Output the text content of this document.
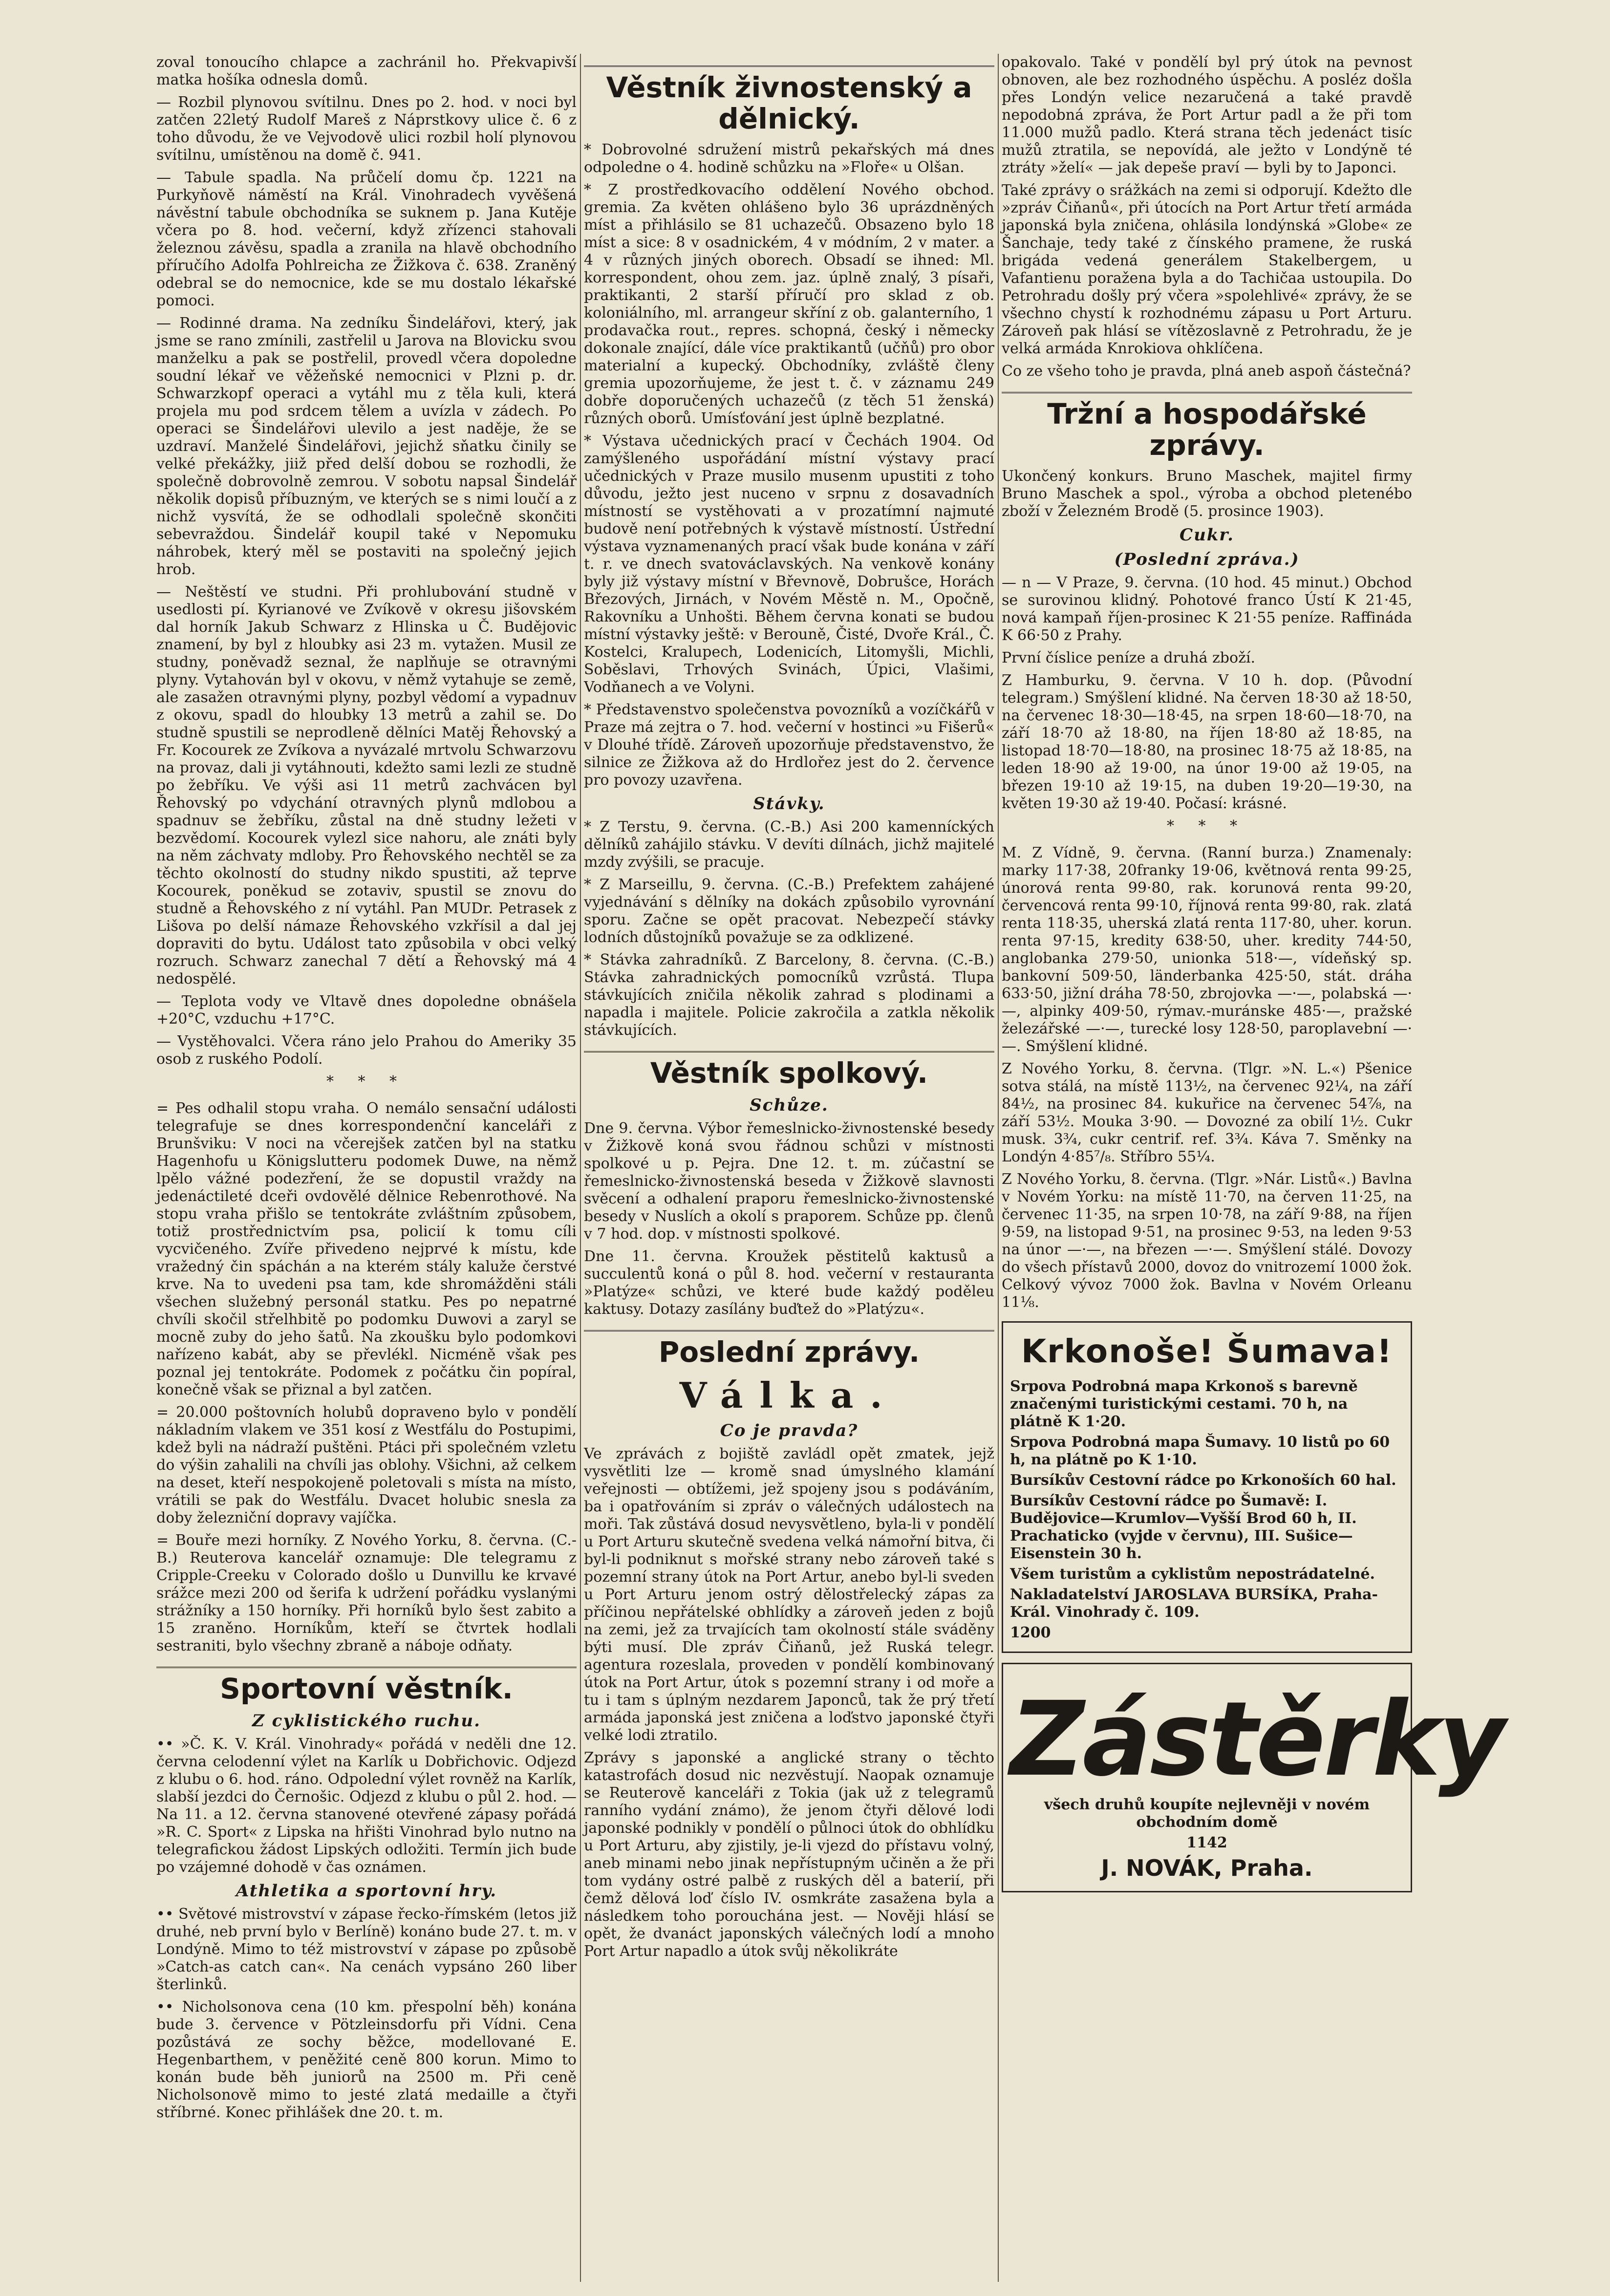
zoval tonoucího chlapce a zachránil ho. Překvapivší matka hošíka odnesla domů.
— Rozbil plynovou svítilnu. Dnes po 2. hod. v noci byl zatčen 22letý Rudolf Mareš z Náprstkovy ulice č. 6 z toho důvodu, že ve Vejvodově ulici rozbil holí plynovou svítilnu, umístěnou na domě č. 941.
— Tabule spadla. Na průčelí domu čp. 1221 na Purkyňově náměstí na Král. Vinohradech vyvěšená návěstní tabule obchodníka se suknem p. Jana Kutěje včera po 8. hod. večerní, když zřízenci stahovali železnou závěsu, spadla a zranila na hlavě obchodního příručího Adolfa Pohlreicha ze Žižkova č. 638. Zraněný odebral se do nemocnice, kde se mu dostalo lékařské pomoci.
— Rodinné drama. Na zedníku Šindelářovi, který, jak jsme se rano zmínili, zastřelil u Jarova na Blovicku svou manželku a pak se postřelil, provedl včera dopoledne soudní lékař ve věžeňské nemocnici v Plzni p. dr. Schwarzkopf operaci a vytáhl mu z těla kuli, která projela mu pod srdcem tělem a uvízla v zádech. Po operaci se Šindelářovi ulevilo a jest naděje, že se uzdraví. Manželé Šindelářovi, jejichž sňatku činily se velké překážky, jiiž před delší dobou se rozhodli, že společně dobrovolně zemrou. V sobotu napsal Šindelář několik dopisů příbuzným, ve kterých se s nimi loučí a z nichž vysvítá, že se odhodlali společně skončiti sebevraždou. Šindelář koupil také v Nepomuku náhrobek, který měl se postaviti na společný jejich hrob.
— Neštěstí ve studni. Při prohlubování studně v usedlosti pí. Kyrianové ve Zvíkově v okresu jišovském dal horník Jakub Schwarz z Hlinska u Č. Budějovic znamení, by byl z hloubky asi 23 m. vytažen. Musil ze studny, poněvadž seznal, že naplňuje se otravnými plyny. Vytahován byl v okovu, v němž vytahuje se země, ale zasažen otravnými plyny, pozbyl vědomí a vypadnuv z okovu, spadl do hloubky 13 metrů a zahil se. Do studně spustili se neprodleně dělníci Matěj Řehovský a Fr. Kocourek ze Zvíkova a nyvázalé mrtvolu Schwarzovu na provaz, dali ji vytáhnouti, kdežto sami lezli ze studně po žebříku. Ve výši asi 11 metrů zachvácen byl Řehovský po vdychání otravných plynů mdlobou a spadnuv se žebříku, zůstal na dně studny ležeti v bezvědomí. Kocourek vylezl sice nahoru, ale znáti byly na něm záchvaty mdloby. Pro Řehovského nechtěl se za těchto okolností do studny nikdo spustiti, až teprve Kocourek, poněkud se zotaviv, spustil se znovu do studně a Řehovského z ní vytáhl. Pan MUDr. Petrasek z Lišova po delší námaze Řehovského vzkřísil a dal jej dopraviti do bytu. Událost tato způsobila v obci velký rozruch. Schwarz zanechal 7 dětí a Řehovský má 4 nedospělé.
— Teplota vody ve Vltavě dnes dopoledne obnášela +20°C, vzduchu +17°C.
— Vystěhovalci. Včera ráno jelo Prahou do Ameriky 35 osob z ruského Podolí.
* * *
= Pes odhalil stopu vraha. O nemálo sensační události telegrafuje se dnes korrespondenční kanceláři z Brunšviku: V noci na včerejšek zatčen byl na statku Hagenhofu u Königslutteru podomek Duwe, na němž lpělo vážné podezření, že se dopustil vraždy na jedenáctileté dceři ovdovělé dělnice Rebenrothové. Na stopu vraha přišlo se tentokráte zvláštním způsobem, totiž prostřednictvím psa, policií k tomu cíli vycvičeného. Zvíře přivedeno nejprvé k místu, kde vražedný čin spáchán a na kterém stály kaluže čerstvé krve. Na to uvedeni psa tam, kde shromážděni stáli všechen služebný personál statku. Pes po nepatrné chvíli skočil střelhbitě po podomku Duwovi a zaryl se mocně zuby do jeho šatů. Na zkoušku bylo podomkovi nařízeno kabát, aby se převlékl. Nicméně však pes poznal jej tentokráte. Podomek z počátku čin popíral, konečně však se přiznal a byl zatčen.
= 20.000 poštovních holubů dopraveno bylo v pondělí nákladním vlakem ve 351 kosí z Westfálu do Postupimi, kdež byli na nádraží puštěni. Ptáci při společném vzletu do výšin zahalili na chvíli jas oblohy. Všichni, až celkem na deset, kteří nespokojeně poletovali s místa na místo, vrátili se pak do Westfálu. Dvacet holubic snesla za doby železniční dopravy vajíčka.
= Bouře mezi horníky. Z Nového Yorku, 8. června. (C.-B.) Reuterova kancelář oznamuje: Dle telegramu z Cripple-Creeku v Colorado došlo u Dunvillu ke krvavé srážce mezi 200 od šerifa k udržení pořádku vyslanými strážníky a 150 horníky. Při horníků bylo šest zabito a 15 zraněno. Horníkům, kteří se čtvrtek hodlali sestraniti, bylo všechny zbraně a náboje odňaty.
Sportovní věstník.
Z cyklistického ruchu.
•• »Č. K. V. Král. Vinohrady« pořádá v neděli dne 12. června celodenní výlet na Karlík u Dobřichovic. Odjezd z klubu o 6. hod. ráno. Odpolední výlet rovněž na Karlík, slabší jezdci do Černošic. Odjezd z klubu o půl 2. hod. — Na 11. a 12. června stanovené otevřené zápasy pořádá »R. C. Sport« z Lipska na hřišti Vinohrad bylo nutno na telegrafickou žádost Lipských odložiti. Termín jich bude po vzájemné dohodě v čas oznámen.
Athletika a sportovní hry.
•• Světové mistrovství v zápase řecko-římském (letos již druhé, neb první bylo v Berlíně) konáno bude 27. t. m. v Londýně. Mimo to též mistrovství v zápase po způsobě »Catch-as catch can«. Na cenách vypsáno 260 liber šterlinků.
•• Nicholsonova cena (10 km. přespolní běh) konána bude 3. července v Pötzleinsdorfu při Vídni. Cena pozůstává ze sochy běžce, modellované E. Hegenbarthem, v peněžité ceně 800 korun. Mimo to konán bude běh juniorů na 2500 m. Při ceně Nicholsonově mimo to jesté zlatá medaille a čtyři stříbrné. Konec přihlášek dne 20. t. m.
Věstník živnostenský a dělnický.
* Dobrovolné sdružení mistrů pekařských má dnes odpoledne o 4. hodině schůzku na »Floře« u Olšan.
* Z prostředkovacího oddělení Nového obchod. gremia. Za květen ohlášeno bylo 36 uprázdněných míst a přihlásilo se 81 uchazečů. Obsazeno bylo 18 míst a sice: 8 v osadnickém, 4 v módním, 2 v mater. a 4 v různých jiných oborech. Obsadí se ihned: Ml. korrespondent, ohou zem. jaz. úplně znalý, 3 písaři, praktikanti, 2 starší příručí pro sklad z ob. koloniálního, ml. arrangeur skříní z ob. galanterního, 1 prodavačka rout., repres. schopná, český i německy dokonale znající, dále více praktikantů (učňů) pro obor materialní a kupecký. Obchodníky, zvláště členy gremia upozorňujeme, že jest t. č. v záznamu 249 dobře doporučených uchazečů (z těch 51 ženská) různých oborů. Umísťování jest úplně bezplatné.
* Výstava učednických prací v Čechách 1904. Od zamýšleného uspořádání místní výstavy prací učednických v Praze musilo musenm upustiti z toho důvodu, ježto jest nuceno v srpnu z dosavadních místností se vystěhovati a v prozatímní najmuté budově není potřebných k výstavě místností. Ústřední výstava vyznamenaných prací však bude konána v září t. r. ve dnech svatováclavských. Na venkově konány byly již výstavy místní v Břevnově, Dobrušce, Horách Březových, Jirnách, v Novém Městě n. M., Opočně, Rakovníku a Unhošti. Během června konati se budou místní výstavky ještě: v Berouně, Čisté, Dvoře Král., Č. Kostelci, Kralupech, Lodenicích, Litomyšli, Michli, Soběslavi, Trhových Svinách, Úpici, Vlašimi, Vodňanech a ve Volyni.
* Představenstvo společenstva povozníků a vozíčkářů v Praze má zejtra o 7. hod. večerní v hostinci »u Fišerů« v Dlouhé třídě. Zároveň upozorňuje představenstvo, že silnice ze Žižkova až do Hrdlořez jest do 2. července pro povozy uzavřena.
Stávky.
* Z Terstu, 9. června. (C.-B.) Asi 200 kamenníckých dělníků zahájilo stávku. V devíti dílnách, jichž majitelé mzdy zvýšili, se pracuje.
* Z Marseillu, 9. června. (C.-B.) Prefektem zahájené vyjednávání s dělníky na dokách způsobilo vyrovnání sporu. Začne se opět pracovat. Nebezpečí stávky lodních důstojníků považuje se za odklizené.
* Stávka zahradníků. Z Barcelony, 8. června. (C.-B.) Stávka zahradnických pomocníků vzrůstá. Tlupa stávkujících zničila několik zahrad s plodinami a napadla i majitele. Policie zakročila a zatkla několik stávkujících.
Věstník spolkový.
Schůze.
Dne 9. června. Výbor řemeslnicko-živnostenské besedy v Žižkově koná svou řádnou schůzi v místnosti spolkové u p. Pejra. Dne 12. t. m. zúčastní se řemeslnicko-živnostenská beseda v Žižkově slavnosti svěcení a odhalení praporu řemeslnicko-živnostenské besedy v Nuslích a okolí s praporem. Schůze pp. členů v 7 hod. dop. v místnosti spolkové.
Dne 11. června. Kroužek pěstitelů kaktusů a succulentů koná o půl 8. hod. večerní v restauranta »Platýze« schůzi, ve které bude každý poděleu kaktusy. Dotazy zasílány buďtež do »Platýzu«.
Poslední zprávy.
Válka.
Co je pravda?
Ve zprávách z bojiště zavládl opět zmatek, jejž vysvětliti lze — kromě snad úmyslného klamání veřejnosti — obtížemi, jež spojeny jsou s podáváním, ba i opatřováním si zpráv o válečných událostech na moři. Tak zůstává dosud nevysvětleno, byla-li v pondělí u Port Arturu skutečně svedena velká námořní bitva, či byl-li podniknut s mořské strany nebo zároveň také s pozemní strany útok na Port Artur, anebo byl-li sveden u Port Arturu jenom ostrý dělostřelecký zápas za příčinou nepřátelské obhlídky a zároveň jeden z bojů na zemi, jež za trvajících tam okolností stále sváděny býti musí. Dle zpráv Čiňanů, jež Ruská telegr. agentura rozeslala, proveden v pondělí kombinovaný útok na Port Artur, útok s pozemní strany i od moře a tu i tam s úplným nezdarem Japonců, tak že prý třetí armáda japonská jest zničena a loďstvo japonské čtyři velké lodi ztratilo.
Zprávy s japonské a anglické strany o těchto katastrofách dosud nic nezvěstují. Naopak oznamuje se Reuterově kanceláři z Tokia (jak už z telegramů ranního vydání známo), že jenom čtyři dělové lodi japonské podnikly v pondělí o půlnoci útok do obhlídku u Port Arturu, aby zjistily, je-li vjezd do přístavu volný, aneb minami nebo jinak nepřístupným učiněn a že při tom vydány ostré palbě z ruských děl a baterií, při čemž dělová loď číslo IV. osmkráte zasažena byla a následkem toho porouchána jest. — Nověji hlásí se opět, že dvanáct japonských válečných lodí a mnoho Port Artur napadlo a útok svůj několikráte
opakovalo. Také v pondělí byl prý útok na pevnost obnoven, ale bez rozhodného úspěchu. A posléz došla přes Londýn velice nezaručená a také pravdě nepodobná zpráva, že Port Artur padl a že při tom 11.000 mužů padlo. Která strana těch jedenáct tisíc mužů ztratila, se nepovídá, ale ježto v Londýně té ztráty »želí« — jak depeše praví — byli by to Japonci.
Také zprávy o srážkách na zemi si odporují. Kdežto dle »zpráv Čiňanů«, při útocích na Port Artur třetí armáda japonská byla zničena, ohlásila londýnská »Globe« ze Šanchaje, tedy také z čínského pramene, že ruská brigáda vedená generálem Stakelbergem, u Vafantienu poražena byla a do Tachičaa ustoupila. Do Petrohradu došly prý včera »spolehlivé« zprávy, že se všechno chystí k rozhodnému zápasu u Port Arturu. Zároveň pak hlásí se vítězoslavně z Petrohradu, že je velká armáda Knrokiova ohklíčena.
Co ze všeho toho je pravda, plná aneb aspoň částečná?
Tržní a hospodářské zprávy.
Ukončený konkurs. Bruno Maschek, majitel firmy Bruno Maschek a spol., výroba a obchod pletenébo zboží v Železném Brodě (5. prosince 1903).
Cukr.
(Poslední zpráva.)
— n — V Praze, 9. června. (10 hod. 45 minut.) Obchod se surovinou klidný. Pohotové franco Ústí K 21·45, nová kampaň říjen-prosinec K 21·55 peníze. Raffináda K 66·50 z Prahy.
První číslice peníze a druhá zboží.
Z Hamburku, 9. června. V 10 h. dop. (Původní telegram.) Smýšlení klidné. Na červen 18·30 až 18·50, na červenec 18·30—18·45, na srpen 18·60—18·70, na září 18·70 až 18·80, na říjen 18·80 až 18·85, na listopad 18·70—18·80, na prosinec 18·75 až 18·85, na leden 18·90 až 19·00, na únor 19·00 až 19·05, na březen 19·10 až 19·15, na duben 19·20—19·30, na květen 19·30 až 19·40. Počasí: krásné.
* * *
M. Z Vídně, 9. června. (Ranní burza.) Znamenaly: marky 117·38, 20franky 19·06, květnová renta 99·25, únorová renta 99·80, rak. korunová renta 99·20, červencová renta 99·10, říjnová renta 99·80, rak. zlatá renta 118·35, uherská zlatá renta 117·80, uher. korun. renta 97·15, kredity 638·50, uher. kredity 744·50, anglobanka 279·50, unionka 518·—, vídeňský sp. bankovní 509·50, länderbanka 425·50, stát. dráha 633·50, jižní dráha 78·50, zbrojovka —·—, polabská —·—, alpinky 409·50, rýmav.-muránske 485·—, pražské železářské —·—, turecké losy 128·50, paroplavební —·—. Smýšlení klidné.
Z Nového Yorku, 8. června. (Tlgr. »N. L.«) Pšenice sotva stálá, na místě 113½, na červenec 92¼, na září 84½, na prosinec 84. kukuřice na červenec 54⅞, na září 53½. Mouka 3·90. — Dovozné za obilí 1½. Cukr musk. 3¾, cukr centrif. ref. 3¾. Káva 7. Směnky na Londýn 4·85⁷/₈. Stříbro 55¼.
Z Nového Yorku, 8. června. (Tlgr. »Nár. Listů«.) Bavlna v Novém Yorku: na místě 11·70, na červen 11·25, na červenec 11·35, na srpen 10·78, na září 9·88, na říjen 9·59, na listopad 9·51, na prosinec 9·53, na leden 9·53 na únor —·—, na březen —·—. Smýšlení stálé. Dovozy do všech přístavů 2000, dovoz do vnitrozemí 1000 žok. Celkový vývoz 7000 žok. Bavlna v Novém Orleanu 11⅛.
Krkonoše! Šumava!
Srpova Podrobná mapa Krkonoš s barevně značenými turistickými cestami. 70 h, na plátně K 1·20.
Srpova Podrobná mapa Šumavy. 10 listů po 60 h, na plátně po K 1·10.
Bursíkův Cestovní rádce po Krkonoších 60 hal.
Bursíkův Cestovní rádce po Šumavě: I. Budějovice—Krumlov—Vyšší Brod 60 h, II. Prachaticko (vyjde v červnu), III. Sušice—Eisenstein 30 h.
Všem turistům a cyklistům nepostrádatelné.
Nakladatelství JAROSLAVA BURSÍKA, Praha-Král. Vinohrady č. 109.
1200
Zástěrky
všech druhů koupíte nejlevněji v novém obchodním domě
1142
J. NOVÁK, Praha.
